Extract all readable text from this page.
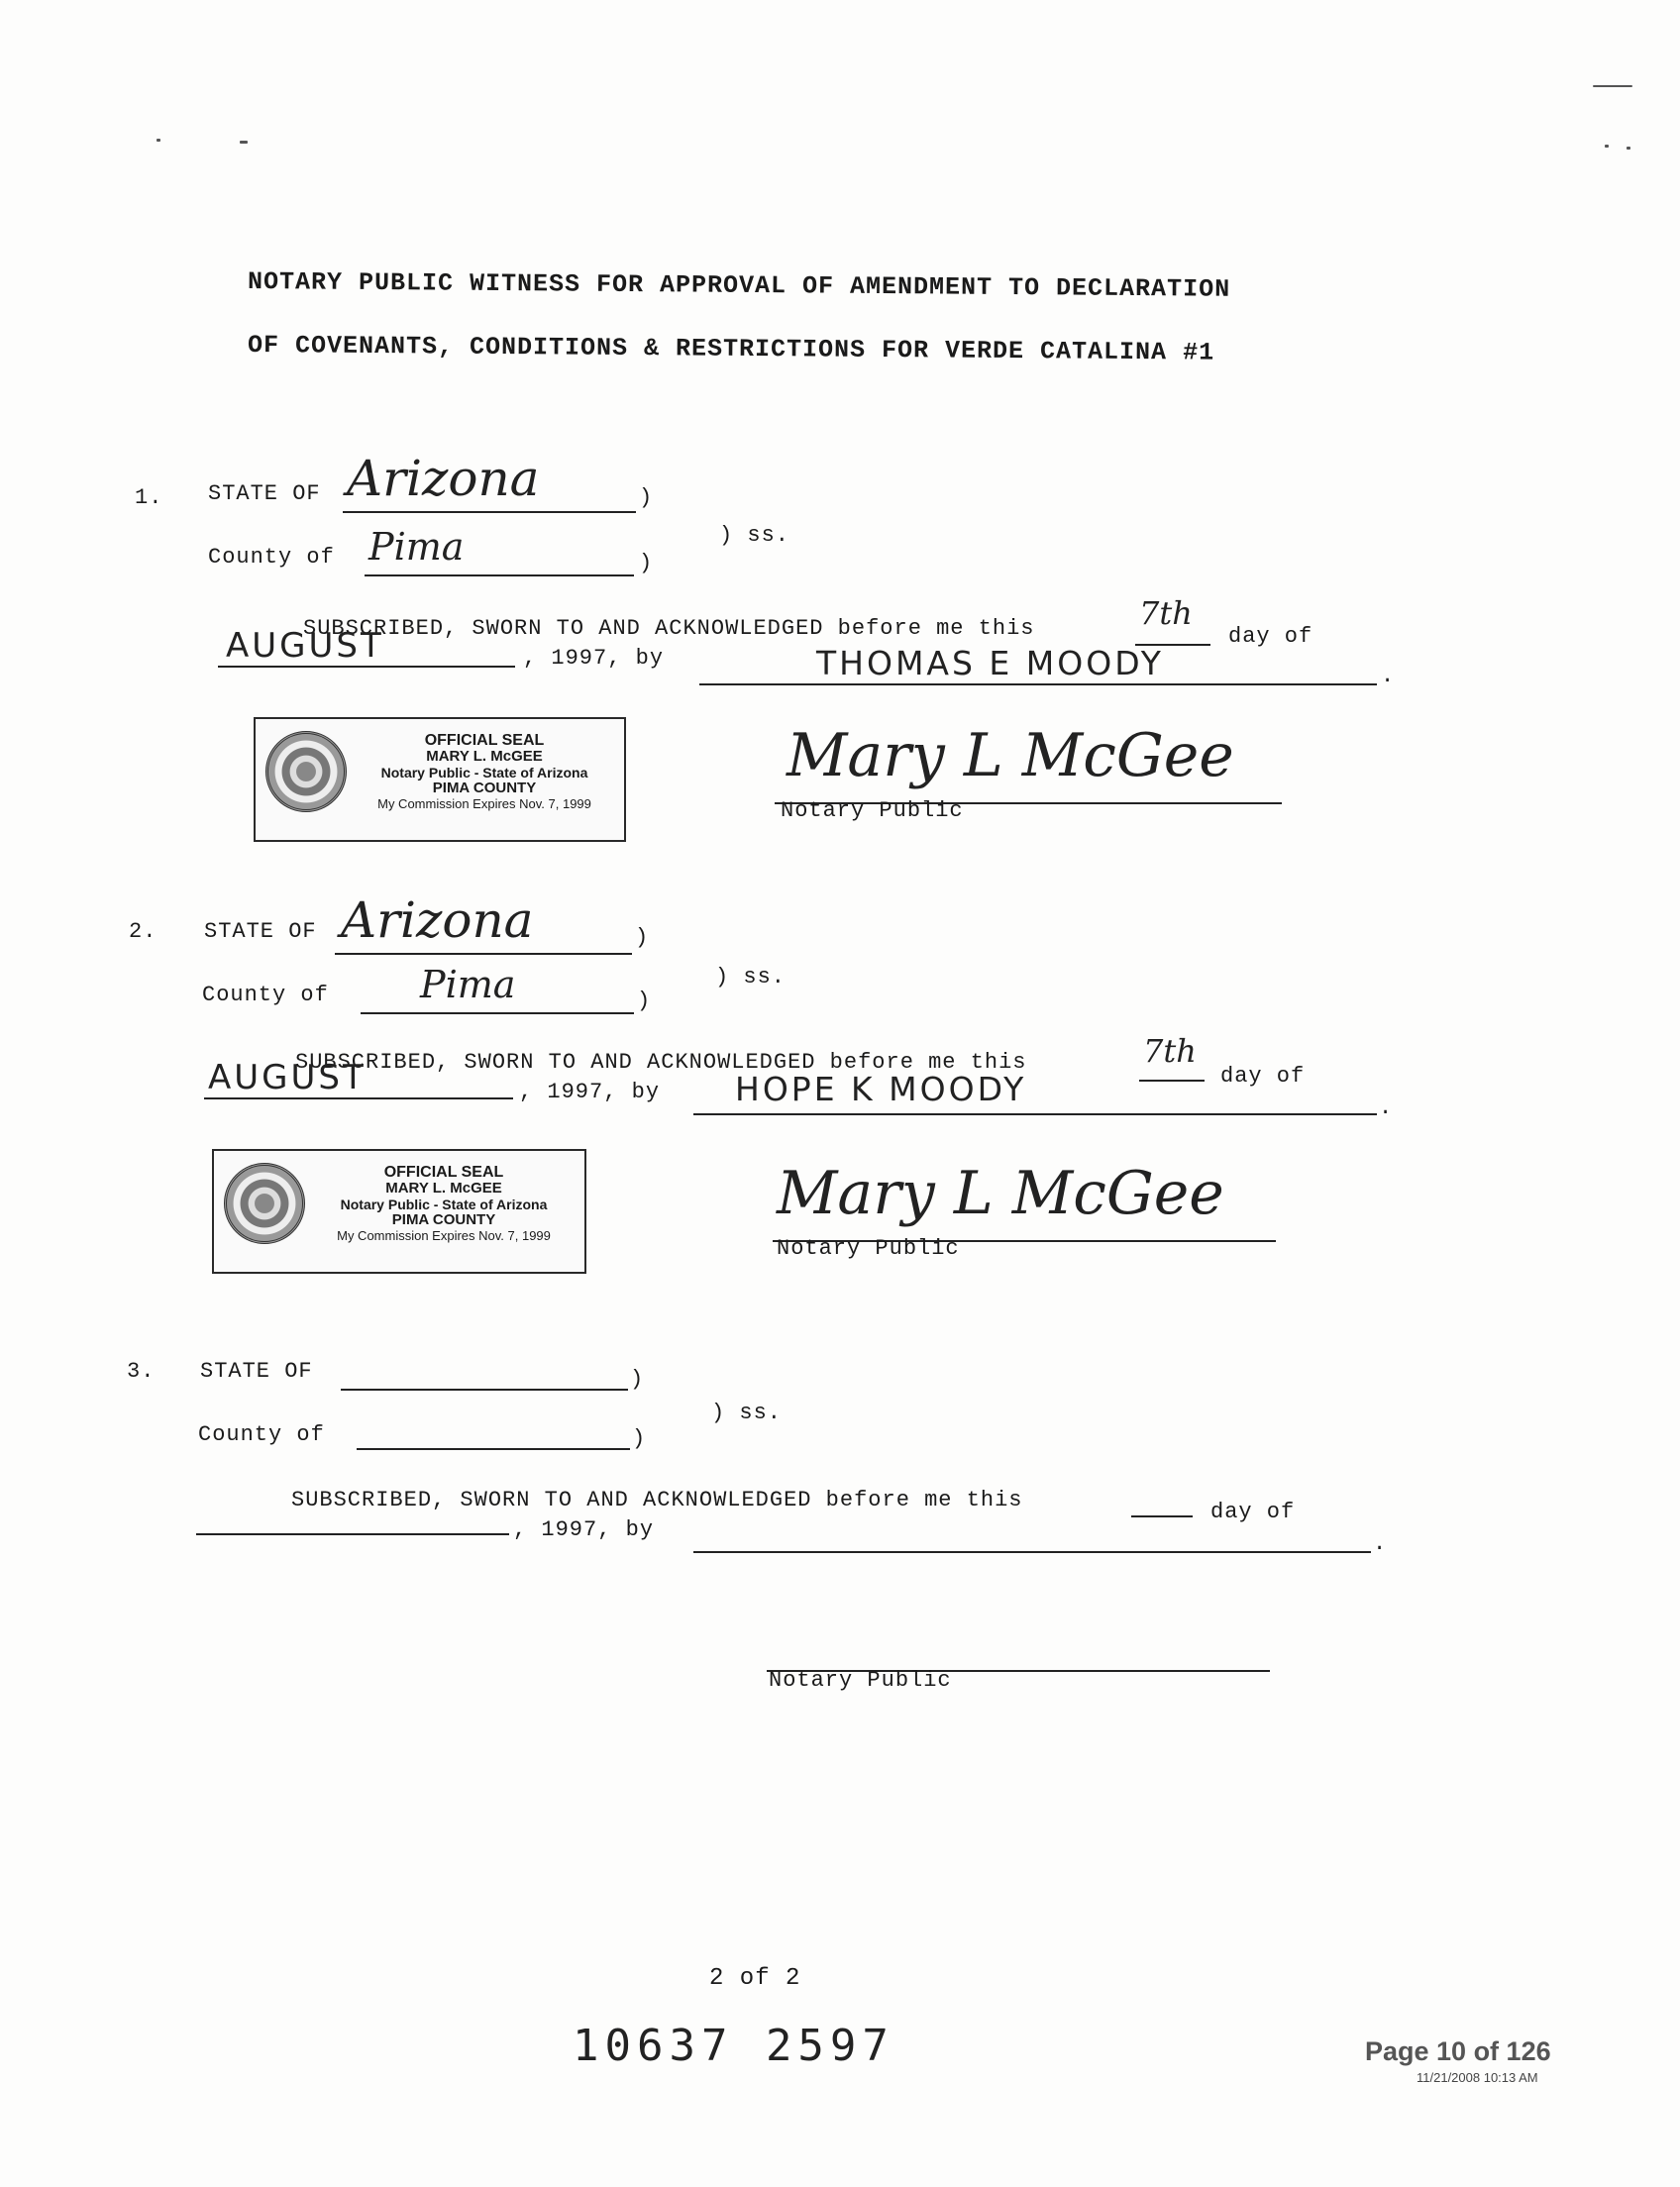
NOTARY PUBLIC WITNESS FOR APPROVAL OF AMENDMENT TO DECLARATION
OF COVENANTS, CONDITIONS & RESTRICTIONS FOR VERDE CATALINA #1
1. STATE OF Arizona	)
) ss.
County of Pima	)
SUBSCRIBED, SWORN TO AND ACKNOWLEDGED before me this	7th
day of
AUGUST	, 1997, by	THOMAS E MOODY	.
OFFICIAL SEAL
MARY L. McGEE
Notary Public - State of Arizona
PIMA COUNTY
My Commission Expires Nov. 7, 1999
Mary L McGee
Notary Public
2. STATE OF Arizona	)
) ss.
County of Pima	)
SUBSCRIBED, SWORN TO AND ACKNOWLEDGED before me this	7th
day of
AUGUST	, 1997, by HOPE K MOODY	.
OFFICIAL SEAL
MARY L. McGEE
Notary Public - State of Arizona
PIMA COUNTY
My Commission Expires Nov. 7, 1999
Mary L McGee
Notary Public
3. STATE OF	)
) ss.
County of	)
SUBSCRIBED, SWORN TO AND ACKNOWLEDGED before me this	day of
, 1997, by
.
Notary Public
2 of 2
10637 2597	Page 10 of 126
11/21/2008 10:13 AM
